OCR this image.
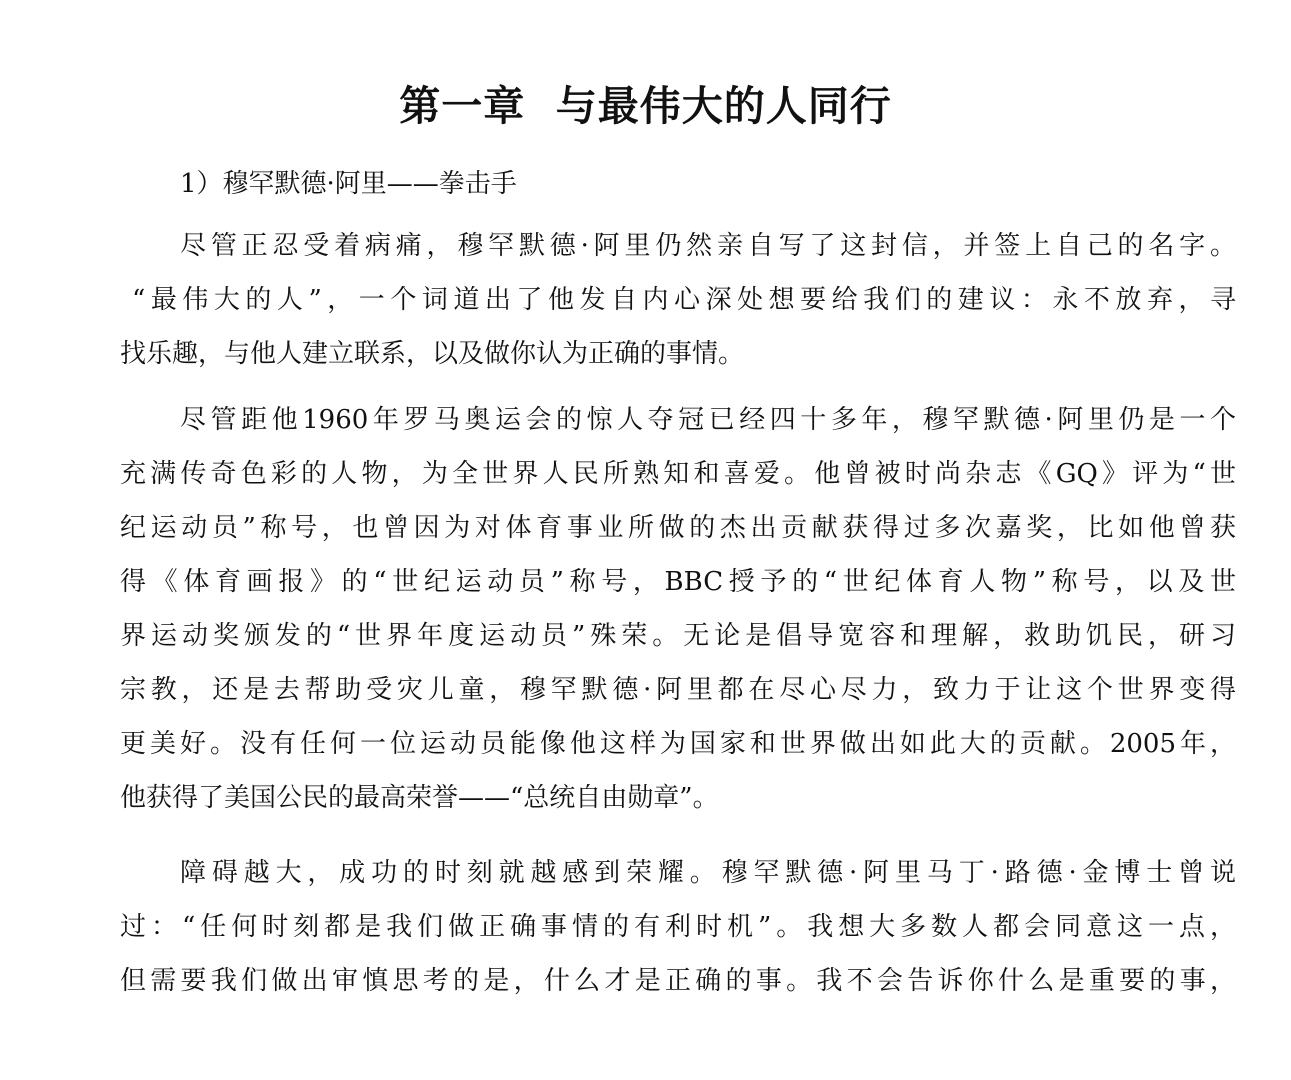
第一章  与最伟大的人同行
1）穆罕默德·阿里——拳击手
尽管正忍受着病痛，穆罕默德·阿里仍然亲自写了这封信，并签上自己的名字。
“最伟大的人”，一个词道出了他发自内心深处想要给我们的建议：永不放弃，寻
找乐趣，与他人建立联系，以及做你认为正确的事情。
尽管距他1960年罗马奥运会的惊人夺冠已经四十多年，穆罕默德·阿里仍是一个
充满传奇色彩的人物，为全世界人民所熟知和喜爱。他曾被时尚杂志《GQ》评为“世
纪运动员”称号，也曾因为对体育事业所做的杰出贡献获得过多次嘉奖，比如他曾获
得《体育画报》的“世纪运动员”称号，BBC授予的“世纪体育人物”称号，以及世
界运动奖颁发的“世界年度运动员”殊荣。无论是倡导宽容和理解，救助饥民，研习
宗教，还是去帮助受灾儿童，穆罕默德·阿里都在尽心尽力，致力于让这个世界变得
更美好。没有任何一位运动员能像他这样为国家和世界做出如此大的贡献。2005年，
他获得了美国公民的最高荣誉——“总统自由勋章”。
障碍越大，成功的时刻就越感到荣耀。穆罕默德·阿里马丁·路德·金博士曾说
过：“任何时刻都是我们做正确事情的有利时机”。我想大多数人都会同意这一点，
但需要我们做出审慎思考的是，什么才是正确的事。我不会告诉你什么是重要的事，
